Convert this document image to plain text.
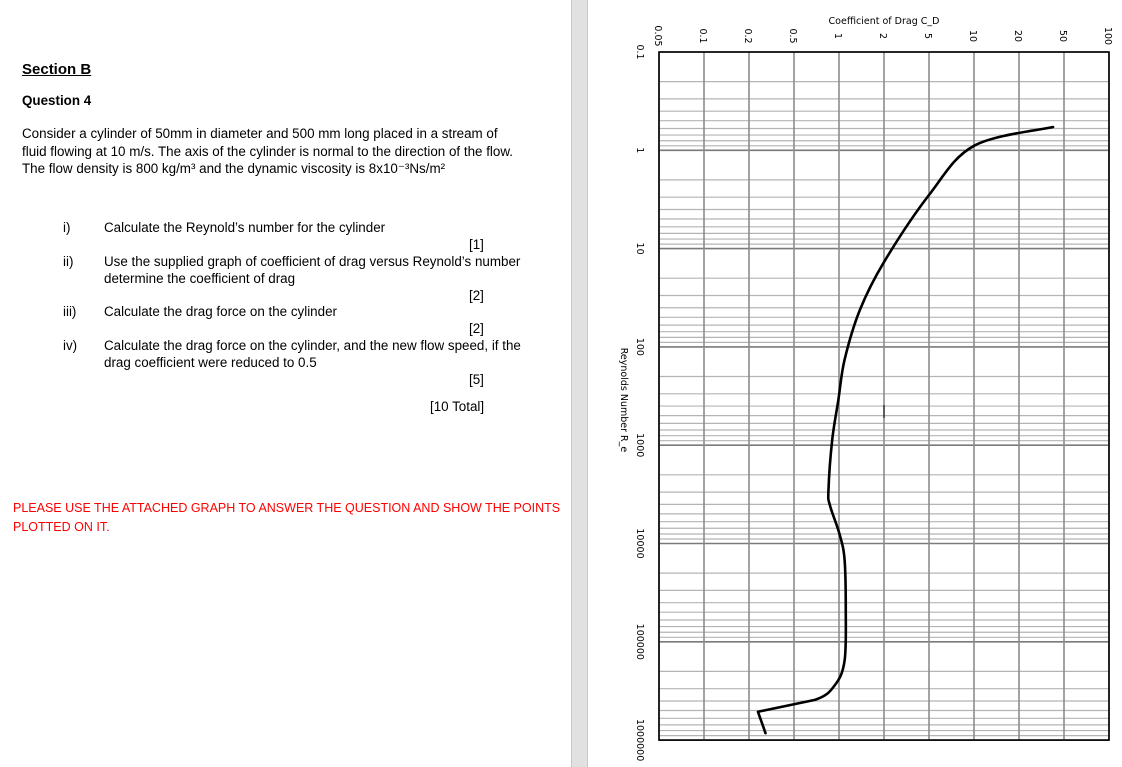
Section B
Question 4
Consider a cylinder of 50mm in diameter and 500 mm long placed in a stream of
fluid flowing at 10 m/s. The axis of the cylinder is normal to the direction of the flow.
The flow density is 800 kg/m³ and the dynamic viscosity is 8x10⁻³Ns/m²
i)	Calculate the Reynold’s number for the cylinder
[1]
ii) Use the supplied graph of coefficient of drag versus Reynold’s number
determine the coefficient of drag
[2]
iii) Calculate the drag force on the cylinder
[2]
iv) Calculate the drag force on the cylinder, and the new flow speed, if the
drag coefficient were reduced to 0.5
[5]
[10 Total]
PLEASE USE THE ATTACHED GRAPH TO ANSWER THE QUESTION AND SHOW THE POINTS
PLOTTED ON IT.
0.1
1
10
100
1000
10000
100000
1000000
0.05	0.1	0.2	0.5	1	2	5	10	20	50	100
Coefficient of Drag C_D
Reynolds Number R_e
